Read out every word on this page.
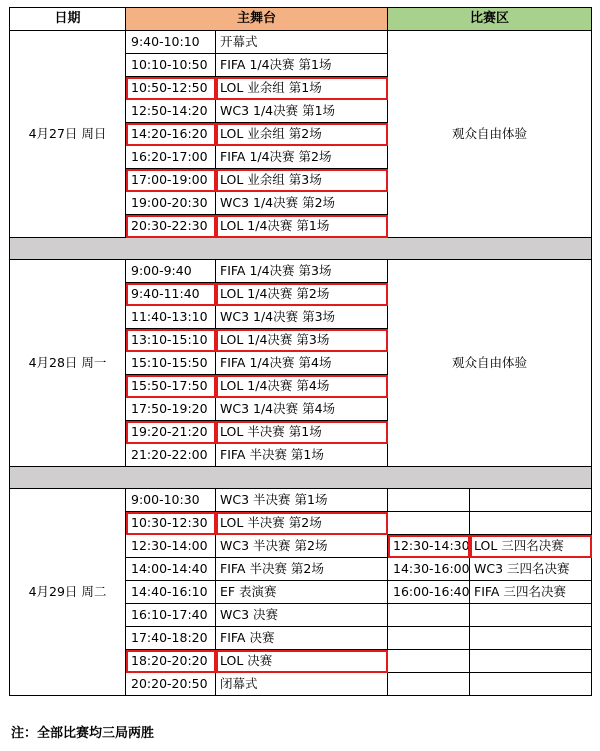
日期	主舞台		比赛区	
4月27日 周日	9:40-10:10	开幕式	观众自由体验	
	10:10-10:50	FIFA 1/4决赛 第1场		
	10:50-12:50	LOL 业余组 第1场		
	12:50-14:20	WC3 1/4决赛 第1场		
	14:20-16:20	LOL 业余组 第2场		
	16:20-17:00	FIFA 1/4决赛 第2场		
	17:00-19:00	LOL 业余组 第3场		
	19:00-20:30	WC3 1/4决赛 第2场		
	20:30-22:30	LOL 1/4决赛 第1场		

4月28日 周一	9:00-9:40	FIFA 1/4决赛 第3场	观众自由体验	
	9:40-11:40	LOL 1/4决赛 第2场		
	11:40-13:10	WC3 1/4决赛 第3场		
	13:10-15:10	LOL 1/4决赛 第3场		
	15:10-15:50	FIFA 1/4决赛 第4场		
	15:50-17:50	LOL 1/4决赛 第4场		
	17:50-19:20	WC3 1/4决赛 第4场		
	19:20-21:20	LOL 半决赛 第1场		
	21:20-22:00	FIFA 半决赛 第1场		

4月29日 周二	9:00-10:30	WC3 半决赛 第1场		
	10:30-12:30	LOL 半决赛 第2场		
	12:30-14:00	WC3 半决赛 第2场	12:30-14:30	LOL 三四名决赛
	14:00-14:40	FIFA 半决赛 第2场	14:30-16:00	WC3 三四名决赛
	14:40-16:10	EF 表演赛	16:00-16:40	FIFA 三四名决赛
	16:10-17:40	WC3 决赛		
	17:40-18:20	FIFA 决赛		
	18:20-20:20	LOL 决赛		
	20:20-20:50	闭幕式		
注：全部比赛均三局两胜
